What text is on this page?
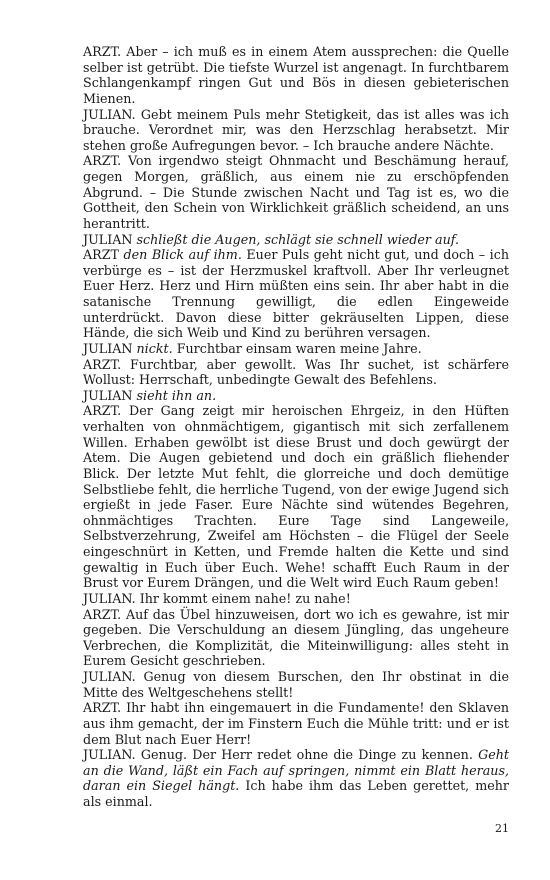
ARZT. Aber – ich muß es in einem Atem aussprechen: die Quelle selber ist getrübt. Die tiefste Wurzel ist angenagt. In furchtbarem Schlangenkampf ringen Gut und Bös in diesen gebieterischen Mienen.

JULIAN. Gebt meinem Puls mehr Stetigkeit, das ist alles was ich brauche. Verordnet mir, was den Herzschlag herabsetzt. Mir stehen große Aufregungen bevor. – Ich brauche andere Nächte.

ARZT. Von irgendwo steigt Ohnmacht und Beschämung herauf, gegen Morgen, gräßlich, aus einem nie zu erschöpfenden Abgrund. – Die Stunde zwischen Nacht und Tag ist es, wo die Gottheit, den Schein von Wirklichkeit gräßlich scheidend, an uns herantritt.

JULIAN schließt die Augen, schlägt sie schnell wieder auf.

ARZT den Blick auf ihm. Euer Puls geht nicht gut, und doch – ich verbürge es – ist der Herzmuskel kraftvoll. Aber Ihr verleugnet Euer Herz. Herz und Hirn müßten eins sein. Ihr aber habt in die satanische Trennung gewilligt, die edlen Eingeweide unterdrückt. Davon diese bitter gekräuselten Lippen, diese Hände, die sich Weib und Kind zu berühren versagen.

JULIAN nickt. Furchtbar einsam waren meine Jahre.

ARZT. Furchtbar, aber gewollt. Was Ihr suchet, ist schärfere Wollust: Herrschaft, unbedingte Gewalt des Befehlens.

JULIAN sieht ihn an.

ARZT. Der Gang zeigt mir heroischen Ehrgeiz, in den Hüften verhalten von ohnmächtigem, gigantisch mit sich zerfallenem Willen. Erhaben gewölbt ist diese Brust und doch gewürgt der Atem. Die Augen gebietend und doch ein gräßlich fliehender Blick. Der letzte Mut fehlt, die glorreiche und doch demütige Selbstliebe fehlt, die herrliche Tugend, von der ewige Jugend sich ergießt in jede Faser. Eure Nächte sind wütendes Begehren, ohnmächtiges Trachten. Eure Tage sind Langeweile, Selbstverzehrung, Zweifel am Höchsten – die Flügel der Seele eingeschnürt in Ketten, und Fremde halten die Kette und sind gewaltig in Euch über Euch. Wehe! schafft Euch Raum in der Brust vor Eurem Drängen, und die Welt wird Euch Raum geben!

JULIAN. Ihr kommt einem nahe! zu nahe!

ARZT. Auf das Übel hinzuweisen, dort wo ich es gewahre, ist mir gegeben. Die Verschuldung an diesem Jüngling, das ungeheure Verbrechen, die Komplizität, die Miteinwilligung: alles steht in Eurem Gesicht geschrieben.

JULIAN. Genug von diesem Burschen, den Ihr obstinat in die Mitte des Weltgeschehens stellt!

ARZT. Ihr habt ihn eingemauert in die Fundamente! den Sklaven aus ihm gemacht, der im Finstern Euch die Mühle tritt: und er ist dem Blut nach Euer Herr!

JULIAN. Genug. Der Herr redet ohne die Dinge zu kennen. Geht an die Wand, läßt ein Fach auf springen, nimmt ein Blatt heraus, daran ein Siegel hängt. Ich habe ihm das Leben gerettet, mehr als einmal.

21
